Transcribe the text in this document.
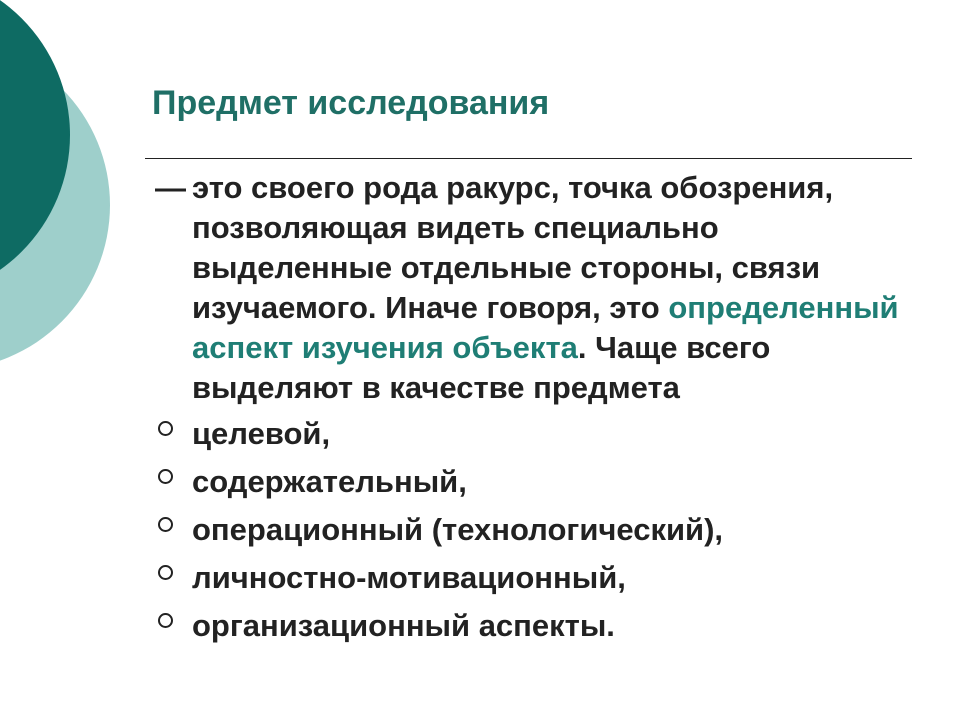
Предмет исследования

— это своего рода ракурс, точка обозрения, позволяющая видеть специально выделенные отдельные стороны, связи изучаемого. Иначе говоря, это определенный аспект изучения объекта. Чаще всего выделяют в качестве предмета

целевой,
содержательный,
операционный (технологический),
личностно-мотивационный,
организационный аспекты.
